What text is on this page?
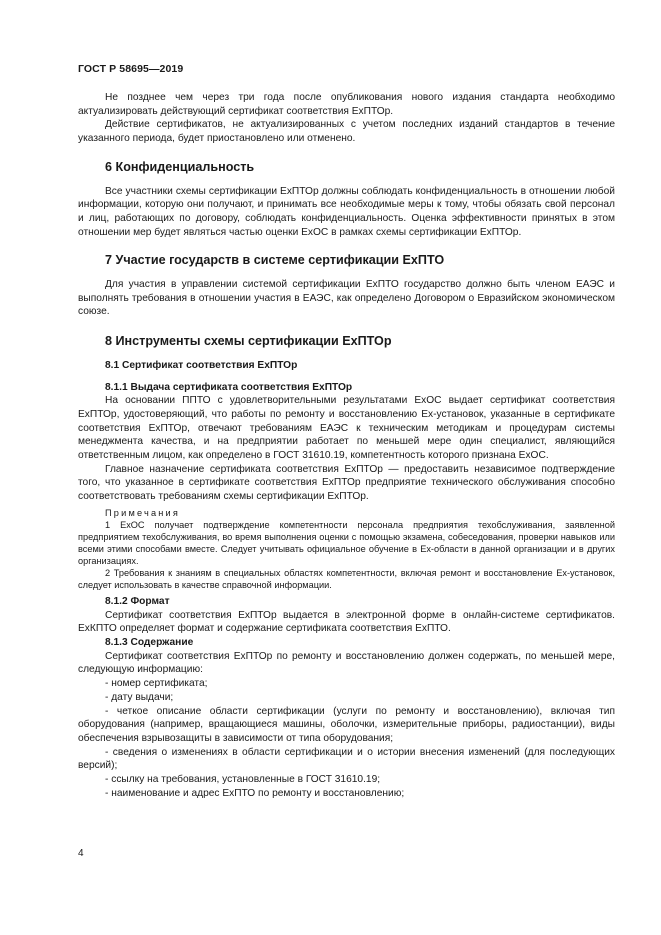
ГОСТ Р 58695—2019

Не позднее чем через три года после опубликования нового издания стандарта необходимо актуализировать действующий сертификат соответствия ExПТОр.

Действие сертификатов, не актуализированных с учетом последних изданий стандартов в течение указанного периода, будет приостановлено или отменено.

6 Конфиденциальность

Все участники схемы сертификации ExПТОр должны соблюдать конфиденциальность в отношении любой информации, которую они получают, и принимать все необходимые меры к тому, чтобы обязать свой персонал и лиц, работающих по договору, соблюдать конфиденциальность. Оценка эффективности принятых в этом отношении мер будет являться частью оценки ExОС в рамках схемы сертификации ExПТОр.

7 Участие государств в системе сертификации ExПТО

Для участия в управлении системой сертификации ExПТО государство должно быть членом ЕАЭС и выполнять требования в отношении участия в ЕАЭС, как определено Договором о Евразийском экономическом союзе.

8 Инструменты схемы сертификации ExПТОр
8.1 Сертификат соответствия ExПТОр
8.1.1 Выдача сертификата соответствия ExПТОр

На основании ППТО с удовлетворительными результатами ExОС выдает сертификат соответствия ExПТОр, удостоверяющий, что работы по ремонту и восстановлению Ex-установок, указанные в сертификате соответствия ExПТОр, отвечают требованиям ЕАЭС к техническим методикам и процедурам системы менеджмента качества, и на предприятии работает по меньшей мере один специалист, являющийся ответственным лицом, как определено в ГОСТ 31610.19, компетентность которого признана ExОС.

Главное назначение сертификата соответствия ExПТОр — предоставить независимое подтверждение того, что указанное в сертификате соответствия ExПТОр предприятие технического обслуживания способно соответствовать требованиям схемы сертификации ExПТОр.

Примечания

1 ExОС получает подтверждение компетентности персонала предприятия техобслуживания, заявленной предприятием техобслуживания, во время выполнения оценки с помощью экзамена, собеседования, проверки навыков или всеми этими способами вместе. Следует учитывать официальное обучение в Ex-области в данной организации и в других организациях.

2 Требования к знаниям в специальных областях компетентности, включая ремонт и восстановление Ex-установок, следует использовать в качестве справочной информации.

8.1.2 Формат

Сертификат соответствия ExПТОр выдается в электронной форме в онлайн-системе сертификатов. ExКПТО определяет формат и содержание сертификата соответствия ExПТО.

8.1.3 Содержание

Сертификат соответствия ExПТОр по ремонту и восстановлению должен содержать, по меньшей мере, следующую информацию:

- номер сертификата;

- дату выдачи;

- четкое описание области сертификации (услуги по ремонту и восстановлению), включая тип оборудования (например, вращающиеся машины, оболочки, измерительные приборы, радиостанции), виды обеспечения взрывозащиты в зависимости от типа оборудования;

- сведения о изменениях в области сертификации и о истории внесения изменений (для последующих версий);

- ссылку на требования, установленные в ГОСТ 31610.19;

- наименование и адрес ExПТО по ремонту и восстановлению;

4
